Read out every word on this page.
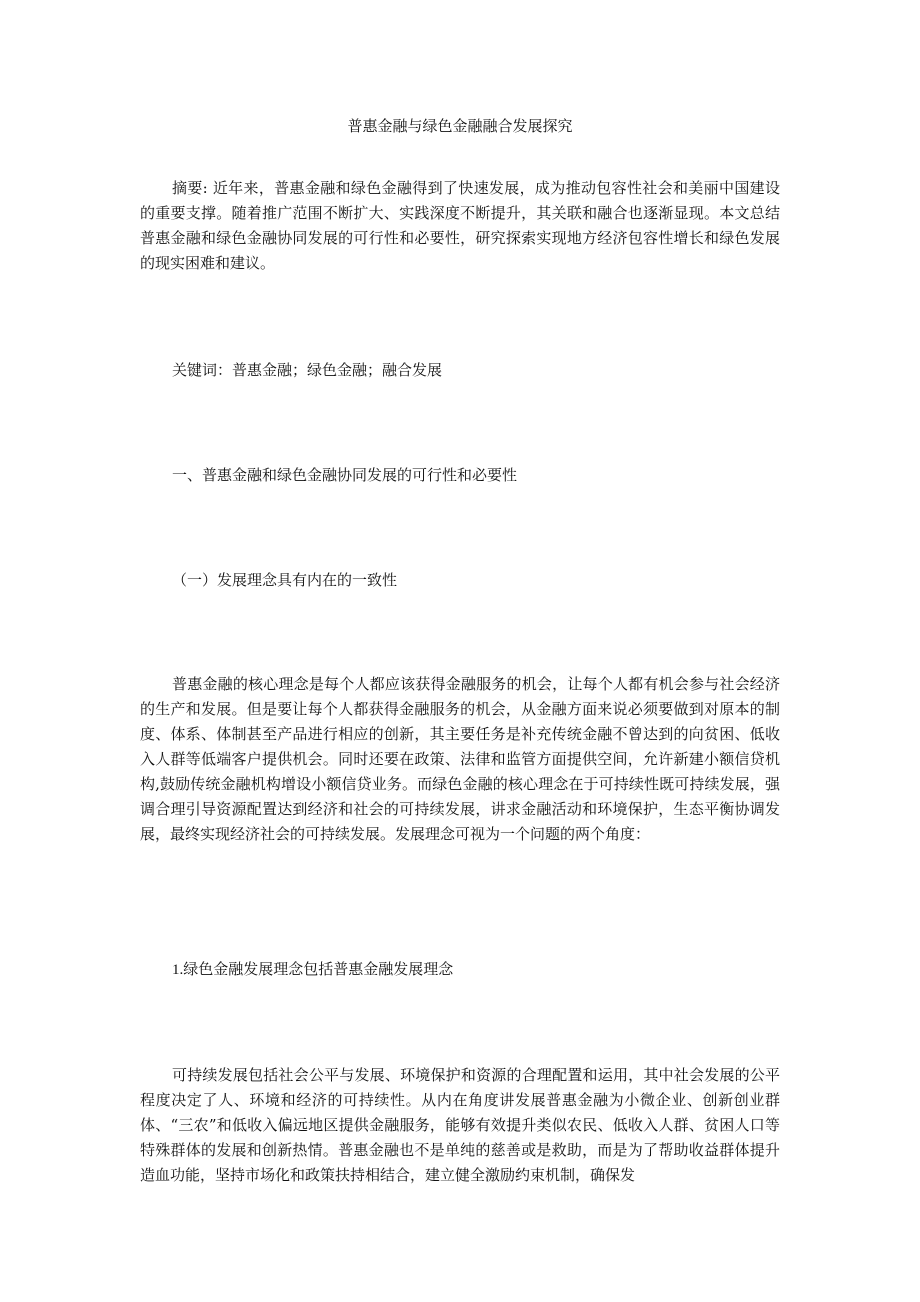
普惠金融与绿色金融融合发展探究

摘要: 近年来，普惠金融和绿色金融得到了快速发展，成为推动包容性社会和美丽中国建设的重要支撑。随着推广范围不断扩大、实践深度不断提升，其关联和融合也逐渐显现。本文总结普惠金融和绿色金融协同发展的可行性和必要性，研究探索实现地方经济包容性增长和绿色发展的现实困难和建议。

关键词：普惠金融；绿色金融；融合发展
一、普惠金融和绿色金融协同发展的可行性和必要性
（一）发展理念具有内在的一致性

普惠金融的核心理念是每个人都应该获得金融服务的机会，让每个人都有机会参与社会经济的生产和发展。但是要让每个人都获得金融服务的机会，从金融方面来说必须要做到对原本的制度、体系、体制甚至产品进行相应的创新，其主要任务是补充传统金融不曾达到的向贫困、低收入人群等低端客户提供机会。同时还要在政策、法律和监管方面提供空间，允许新建小额信贷机构,鼓励传统金融机构增设小额信贷业务。而绿色金融的核心理念在于可持续性既可持续发展，强调合理引导资源配置达到经济和社会的可持续发展，讲求金融活动和环境保护，生态平衡协调发展，最终实现经济社会的可持续发展。发展理念可视为一个问题的两个角度：

1.绿色金融发展理念包括普惠金融发展理念

可持续发展包括社会公平与发展、环境保护和资源的合理配置和运用，其中社会发展的公平程度决定了人、环境和经济的可持续性。从内在角度讲发展普惠金融为小微企业、创新创业群体、“三农”和低收入偏远地区提供金融服务，能够有效提升类似农民、低收入人群、贫困人口等特殊群体的发展和创新热情。普惠金融也不是单纯的慈善或是救助，而是为了帮助收益群体提升造血功能，坚持市场化和政策扶持相结合，建立健全激励约束机制，确保发
